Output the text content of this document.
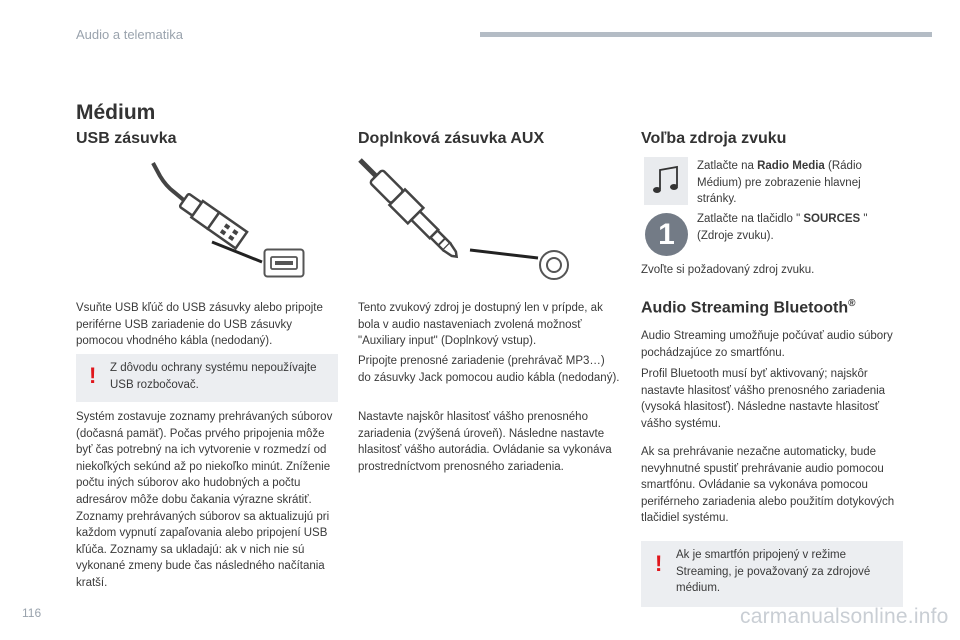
Audio a telematika
Médium
USB zásuvka
Vsuňte USB kľúč do USB zásuvky alebo pripojte periférne USB zariadenie do USB zásuvky pomocou vhodného kábla (nedodaný).
! Z dôvodu ochrany systému nepoužívajte USB rozbočovač.
Systém zostavuje zoznamy prehrávaných súborov (dočasná pamäť). Počas prvého pripojenia môže byť čas potrebný na ich vytvorenie v rozmedzí od niekoľkých sekúnd až po niekoľko minút. Zníženie počtu iných súborov ako hudobných a počtu adresárov môže dobu čakania výrazne skrátiť. Zoznamy prehrávaných súborov sa aktualizujú pri každom vypnutí zapaľovania alebo pripojení USB kľúča. Zoznamy sa ukladajú: ak v nich nie sú vykonané zmeny bude čas následného načítania kratší.
Doplnková zásuvka AUX
Tento zvukový zdroj je dostupný len v prípde, ak bola v audio nastaveniach zvolená možnosť "Auxiliary input" (Doplnkový vstup).
Pripojte prenosné zariadenie (prehrávač MP3…) do zásuvky Jack pomocou audio kábla (nedodaný).
Nastavte najskôr hlasitosť vášho prenosného zariadenia (zvýšená úroveň). Následne nastavte hlasitosť vášho autorádia. Ovládanie sa vykonáva prostredníctvom prenosného zariadenia.
Voľba zdroja zvuku
Zatlačte na Radio Media (Rádio Médium) pre zobrazenie hlavnej stránky.
1	Zatlačte na tlačidlo " SOURCES " (Zdroje zvuku).
Zvoľte si požadovaný zdroj zvuku.
Audio Streaming Bluetooth®
Audio Streaming umožňuje počúvať audio súbory pochádzajúce zo smartfónu.
Profil Bluetooth musí byť aktivovaný; najskôr nastavte hlasitosť vášho prenosného zariadenia (vysoká hlasitosť). Následne nastavte hlasitosť vášho systému.
Ak sa prehrávanie nezačne automaticky, bude nevyhnutné spustiť prehrávanie audio pomocou smartfónu. Ovládanie sa vykonáva pomocou periférneho zariadenia alebo použitím dotykových tlačidiel systému.
! Ak je smartfón pripojený v režime Streaming, je považovaný za zdrojové médium.
116	carmanualsonline.info
